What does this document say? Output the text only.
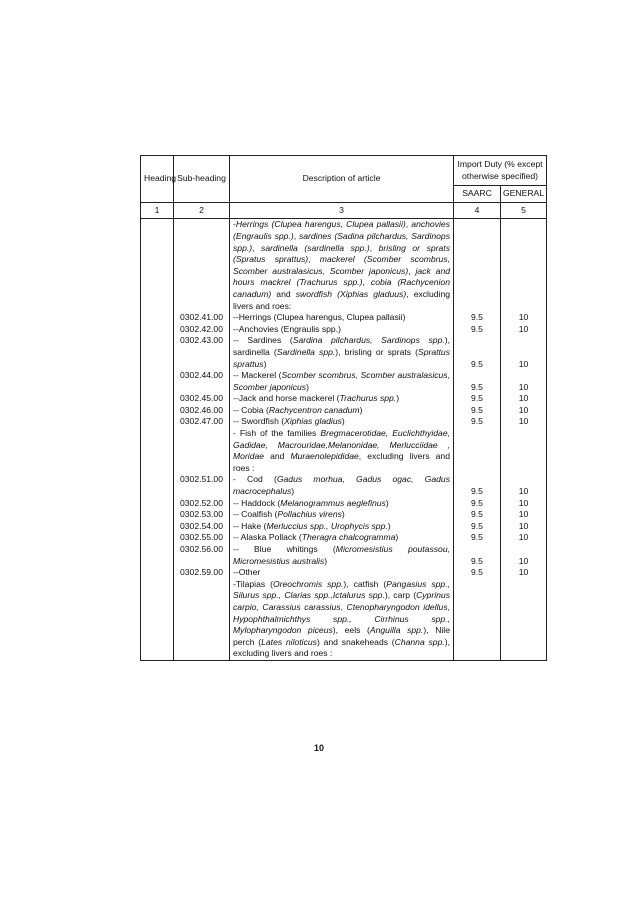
Heading	Sub-heading	Description of article	Import Duty (% except otherwise specified)	
			SAARC	GENERAL
1	2	3	4	5
		-Herrings (Clupea harengus, Clupea pallasii), anchovies (Engraulis spp.), sardines (Sadina pilchardus, Sardinops spp.), sardinella (sardinella spp.), brisling or sprats (Spratus sprattus), mackerel (Scomber scombrus, Scomber australasicus, Scomber japonicus), jack and hours mackrel (Trachurus spp.), cobia (Rachycenion canadum) and swordfish (Xiphias gladuus), excluding livers and roes:		
	0302.41.00	--Herrings (Clupea harengus, Clupea pallasii)	9.5	10
	0302.42.00	--Anchovies (Engraulis spp.)	9.5	10
	0302.43.00	-- Sardines (Sardina pilchardus, Sardinops spp.), sardinella (Sardinella spp.), brisling or sprats (Sprattus sprattus)	9.5	10
	0302.44.00	-- Mackerel (Scomber scombrus, Scomber australasicus, Scomber japonicus)	9.5	10
	0302.45.00	--Jack and horse mackerel (Trachurus spp.)	9.5	10
	0302.46.00	-- Cobia (Rachycentron canadum)	9.5	10
	0302.47.00	-- Swordfish (Xiphias gladius)	9.5	10
		- Fish of the families Bregmacerotidae, Euclichthyidae, Gadidae, Macrouridae,Melanonidae, Merlucciidae , Moridae and Muraenolepididae, excluding livers and roes :		
	0302.51.00	- Cod (Gadus morhua, Gadus ogac, Gadus macrocephalus)	9.5	10
	0302.52.00	-- Haddock (Melanogrammus aeglefinus)	9.5	10
	0302.53.00	-- Coalfish (Pollachius virens)	9.5	10
	0302.54.00	-- Hake (Merluccius spp., Urophycis spp.)	9.5	10
	0302.55.00	-- Alaska Pollack (Theragra chalcogramma)	9.5	10
	0302.56.00	-- Blue whitings (Micromesistius poutassou, Micromesistius australis)	9.5	10
	0302.59.00	--Other	9.5	10
		-Tilapias (Oreochromis spp.), catfish (Pangasius spp., Silurus spp., Clarias spp.,Ictalurus spp.), carp (Cyprinus carpio, Carassius carassius, Ctenopharyngodon idellus, Hypophthalmichthys spp., Cirrhinus spp., Mylopharyngodon piceus), eels (Anguilla spp.), Nile perch (Lates niloticus) and snakeheads (Channa spp.), excluding livers and roes :		
10
